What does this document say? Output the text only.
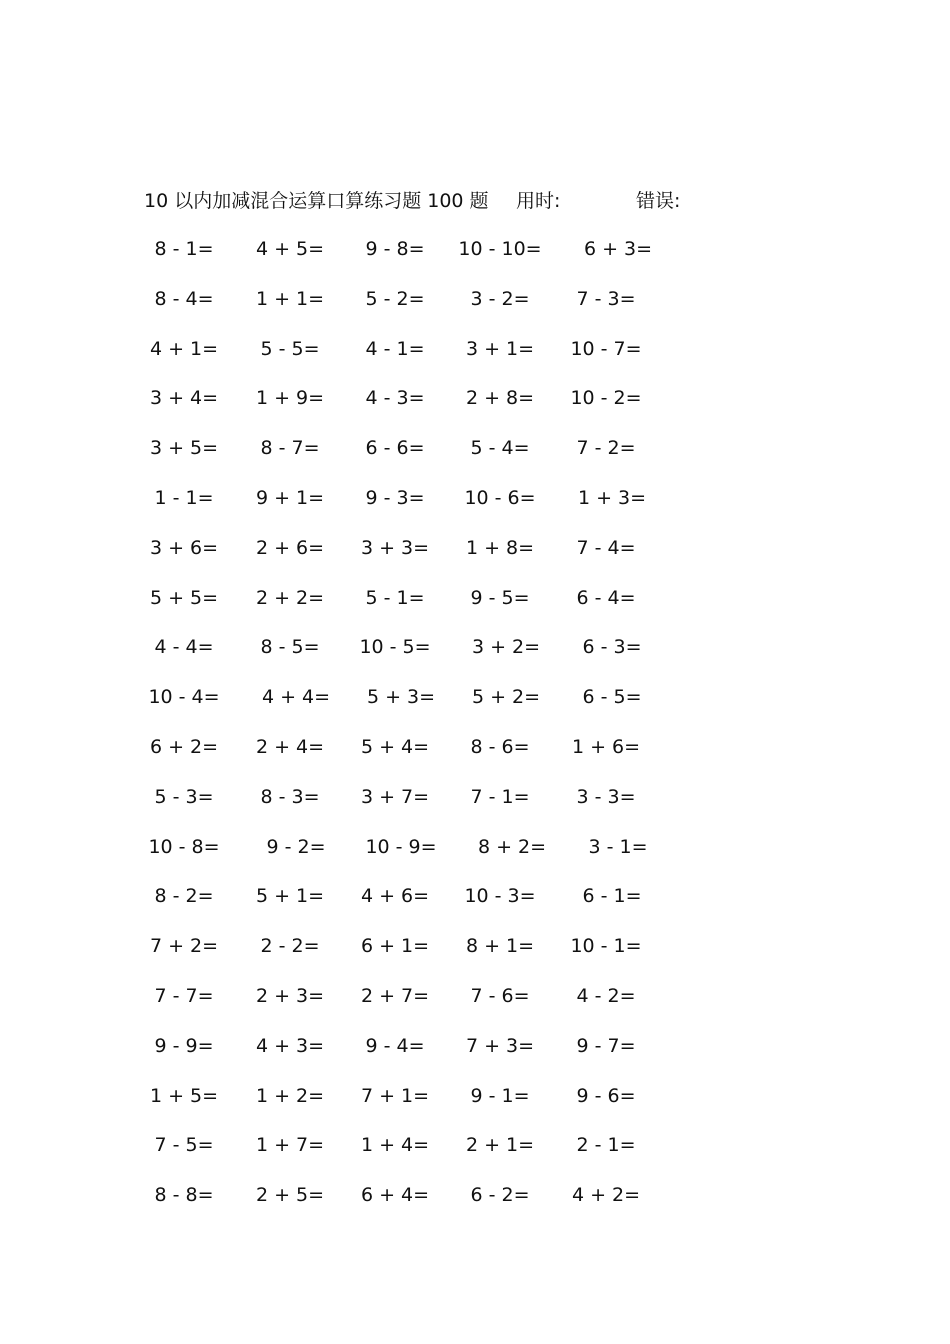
10 以内加减混合运算口算练习题 100 题 用时:	错误:
8 - 1=	4 + 5=	9 - 8=	10 - 10=	6 + 3=
8 - 4=	1 + 1=	5 - 2=	3 - 2=	7 - 3=
4 + 1=	5 - 5=	4 - 1=	3 + 1=	10 - 7=
3 + 4=	1 + 9=	4 - 3=	2 + 8=	10 - 2=
3 + 5=	8 - 7=	6 - 6=	5 - 4=	7 - 2=
1 - 1=	9 + 1=	9 - 3=	10 - 6=	1 + 3=
3 + 6=	2 + 6=	3 + 3=	1 + 8=	7 - 4=
5 + 5=	2 + 2=	5 - 1=	9 - 5=	6 - 4=
4 - 4=	8 - 5=	10 - 5=	3 + 2=	6 - 3=
10 - 4=	4 + 4=	5 + 3=	5 + 2=	6 - 5=
6 + 2=	2 + 4=	5 + 4=	8 - 6=	1 + 6=
5 - 3=	8 - 3=	3 + 7=	7 - 1=	3 - 3=
10 - 8=	9 - 2=	10 - 9=	8 + 2=	3 - 1=
8 - 2=	5 + 1=	4 + 6=	10 - 3=	6 - 1=
7 + 2=	2 - 2=	6 + 1=	8 + 1=	10 - 1=
7 - 7=	2 + 3=	2 + 7=	7 - 6=	4 - 2=
9 - 9=	4 + 3=	9 - 4=	7 + 3=	9 - 7=
1 + 5=	1 + 2=	7 + 1=	9 - 1=	9 - 6=
7 - 5=	1 + 7=	1 + 4=	2 + 1=	2 - 1=
8 - 8=	2 + 5=	6 + 4=	6 - 2=	4 + 2=
